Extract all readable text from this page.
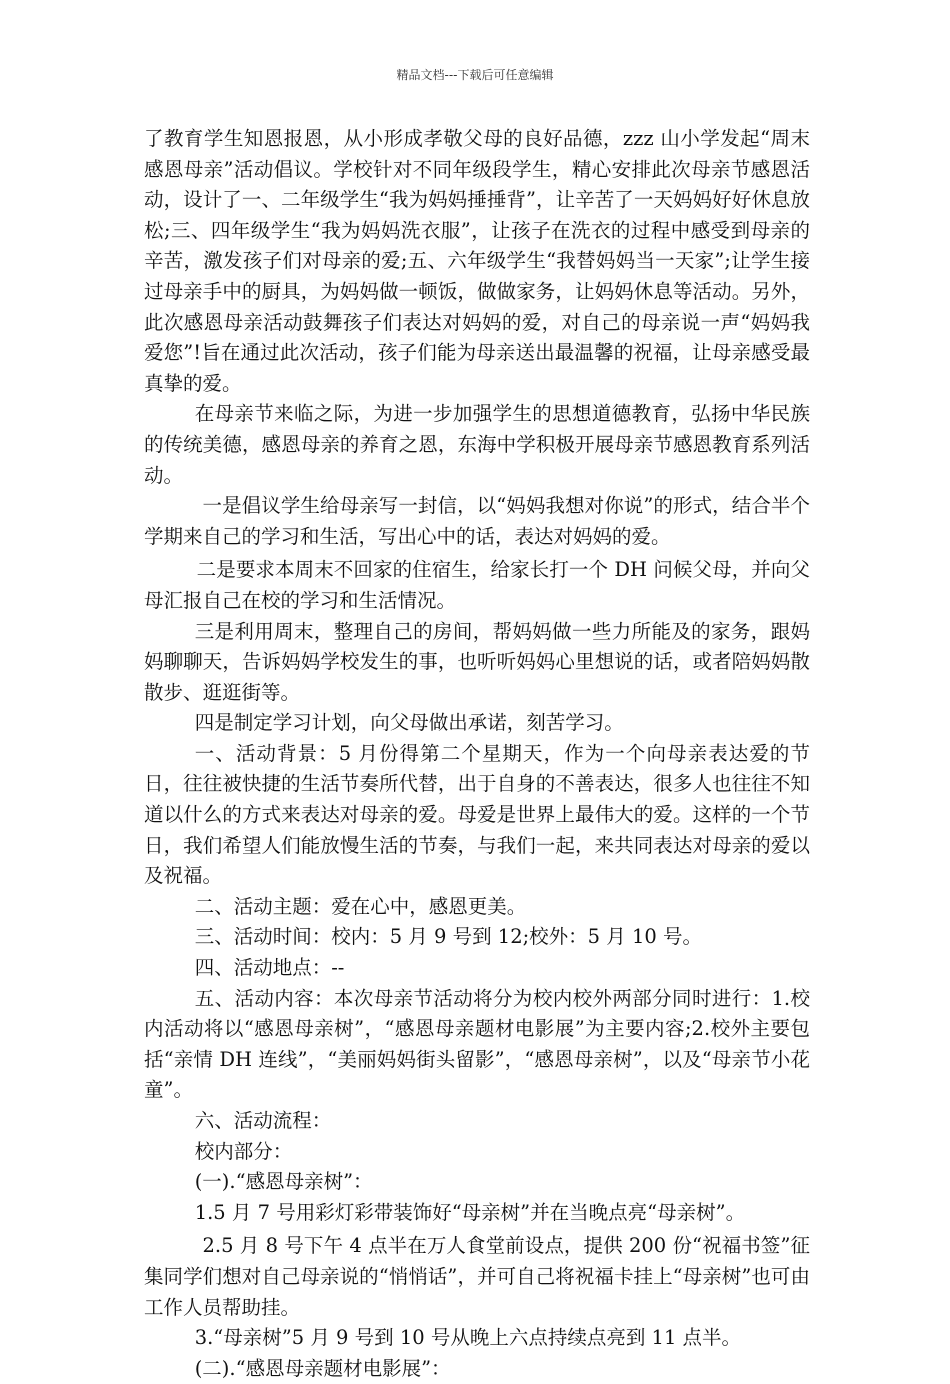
精品文档---下载后可任意编辑

了教育学生知恩报恩，从小形成孝敬父母的良好品德，zzz 山小学发起“周末感恩母亲”活动倡议。学校针对不同年级段学生，精心安排此次母亲节感恩活动，设计了一、二年级学生“我为妈妈捶捶背”，让辛苦了一天妈妈好好休息放松;三、四年级学生“我为妈妈洗衣服”，让孩子在洗衣的过程中感受到母亲的辛苦，激发孩子们对母亲的爱;五、六年级学生“我替妈妈当一天家”;让学生接过母亲手中的厨具，为妈妈做一顿饭，做做家务，让妈妈休息等活动。另外，此次感恩母亲活动鼓舞孩子们表达对妈妈的爱，对自己的母亲说一声“妈妈我爱您”!旨在通过此次活动，孩子们能为母亲送出最温馨的祝福，让母亲感受最真挚的爱。

在母亲节来临之际，为进一步加强学生的思想道德教育，弘扬中华民族的传统美德，感恩母亲的养育之恩，东海中学积极开展母亲节感恩教育系列活动。

一是倡议学生给母亲写一封信，以“妈妈我想对你说”的形式，结合半个学期来自己的学习和生活，写出心中的话，表达对妈妈的爱。

二是要求本周末不回家的住宿生，给家长打一个 DH 问候父母，并向父母汇报自己在校的学习和生活情况。

三是利用周末，整理自己的房间，帮妈妈做一些力所能及的家务，跟妈妈聊聊天，告诉妈妈学校发生的事，也听听妈妈心里想说的话，或者陪妈妈散散步、逛逛街等。

四是制定学习计划，向父母做出承诺，刻苦学习。

一、活动背景：5 月份得第二个星期天，作为一个向母亲表达爱的节日，往往被快捷的生活节奏所代替，出于自身的不善表达，很多人也往往不知道以什么的方式来表达对母亲的爱。母爱是世界上最伟大的爱。这样的一个节日，我们希望人们能放慢生活的节奏，与我们一起，来共同表达对母亲的爱以及祝福。

二、活动主题：爱在心中，感恩更美。

三、活动时间：校内：5 月 9 号到 12;校外：5 月 10 号。

四、活动地点：--

五、活动内容：本次母亲节活动将分为校内校外两部分同时进行：1.校内活动将以“感恩母亲树”，“感恩母亲题材电影展”为主要内容;2.校外主要包括“亲情 DH 连线”，“美丽妈妈街头留影”，“感恩母亲树”，以及“母亲节小花童”。

六、活动流程：

校内部分：

(一).“感恩母亲树”：

1.5 月 7 号用彩灯彩带装饰好“母亲树”并在当晚点亮“母亲树”。

2.5 月 8 号下午 4 点半在万人食堂前设点，提供 200 份“祝福书签”征集同学们想对自己母亲说的“悄悄话”，并可自己将祝福卡挂上“母亲树”也可由工作人员帮助挂。

3.“母亲树”5 月 9 号到 10 号从晚上六点持续点亮到 11 点半。

(二).“感恩母亲题材电影展”：
